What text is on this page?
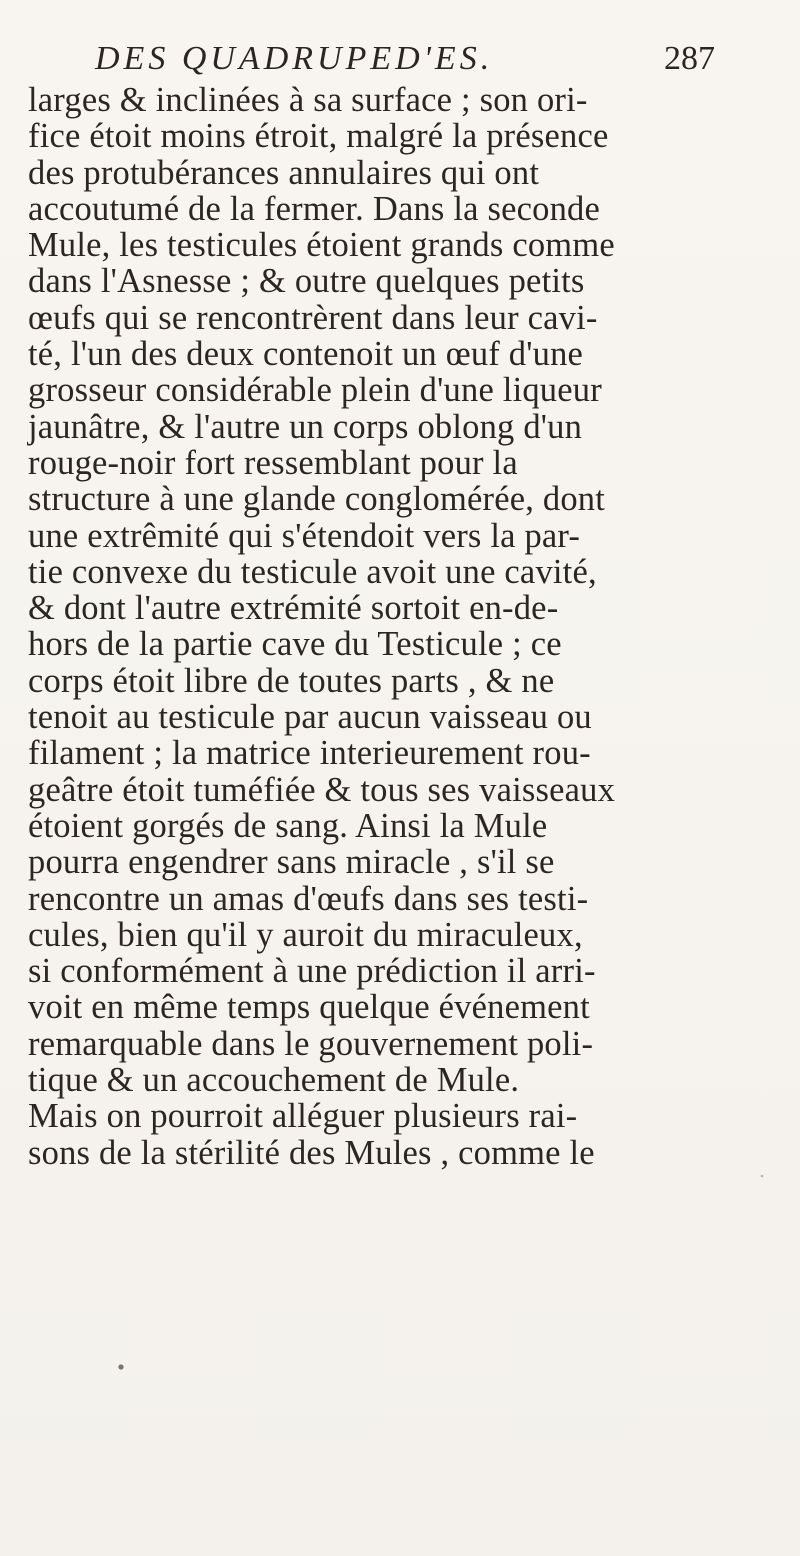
DES QUADRUPED'ES.	287
larges & inclinées à sa surface ; son ori-
fice étoit moins étroit, malgré la présence
des protubérances annulaires qui ont
accoutumé de la fermer. Dans la seconde
Mule, les testicules étoient grands comme
dans l'Asnesse ; & outre quelques petits
œufs qui se rencontrèrent dans leur cavi-
té, l'un des deux contenoit un œuf d'une
grosseur considérable plein d'une liqueur
jaunâtre, & l'autre un corps oblong d'un
rouge-noir fort ressemblant pour la
structure à une glande conglomérée, dont
une extrêmité qui s'étendoit vers la par-
tie convexe du testicule avoit une cavité,
& dont l'autre extrémité sortoit en-de-
hors de la partie cave du Testicule ; ce
corps étoit libre de toutes parts , & ne
tenoit au testicule par aucun vaisseau ou
filament ; la matrice interieurement rou-
geâtre étoit tuméfiée & tous ses vaisseaux
étoient gorgés de sang. Ainsi la Mule
pourra engendrer sans miracle , s'il se
rencontre un amas d'œufs dans ses testi-
cules, bien qu'il y auroit du miraculeux,
si conformément à une prédiction il arri-
voit en même temps quelque événement
remarquable dans le gouvernement poli-
tique & un accouchement de Mule.
Mais on pourroit alléguer plusieurs rai-
sons de la stérilité des Mules , comme le
